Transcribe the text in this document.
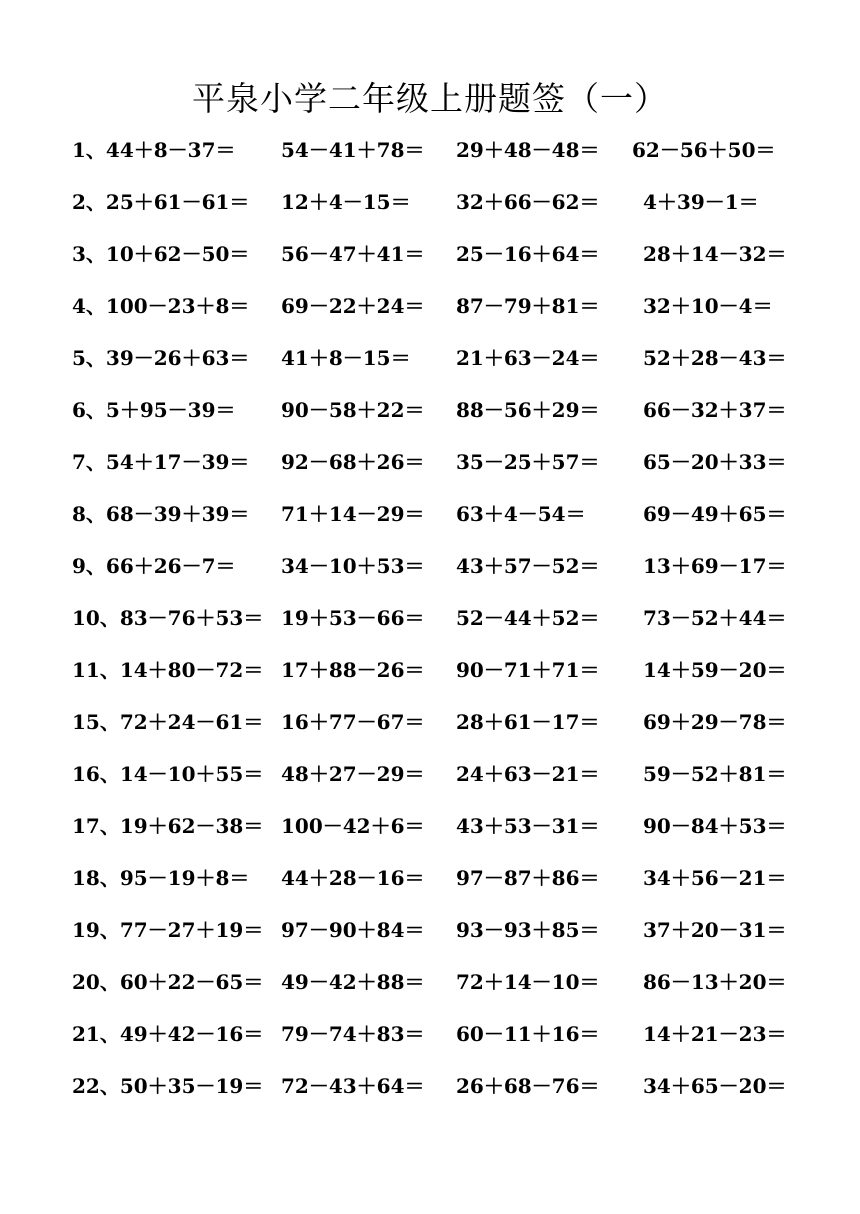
平泉小学二年级上册题签（一）
1、44＋8－37＝ 54－41＋78＝ 29＋48－48＝ 62－56＋50＝
2、25＋61－61＝ 12＋4－15＝ 32＋66－62＝ 4＋39－1＝
3、10＋62－50＝ 56－47＋41＝ 25－16＋64＝ 28＋14－32＝
4、100－23＋8＝ 69－22＋24＝ 87－79＋81＝ 32＋10－4＝
5、39－26＋63＝ 41＋8－15＝ 21＋63－24＝ 52＋28－43＝
6、5＋95－39＝ 90－58＋22＝ 88－56＋29＝ 66－32＋37＝
7、54＋17－39＝ 92－68＋26＝ 35－25＋57＝ 65－20＋33＝
8、68－39＋39＝ 71＋14－29＝ 63＋4－54＝	69－49＋65＝
9、66＋26－7＝ 34－10＋53＝ 43＋57－52＝ 13＋69－17＝
10、83－76＋53＝ 19＋53－66＝ 52－44＋52＝ 73－52＋44＝
11、14＋80－72＝ 17＋88－26＝ 90－71＋71＝ 14＋59－20＝
15、72＋24－61＝ 16＋77－67＝ 28＋61－17＝ 69＋29－78＝
16、14－10＋55＝ 48＋27－29＝ 24＋63－21＝ 59－52＋81＝
17、19＋62－38＝ 100－42＋6＝ 43＋53－31＝ 90－84＋53＝
18、95－19＋8＝ 44＋28－16＝ 97－87＋86＝ 34＋56－21＝
19、77－27＋19＝ 97－90＋84＝ 93－93＋85＝ 37＋20－31＝
20、60＋22－65＝ 49－42＋88＝ 72＋14－10＝ 86－13＋20＝
21、49＋42－16＝ 79－74＋83＝ 60－11＋16＝ 14＋21－23＝
22、50＋35－19＝ 72－43＋64＝ 26＋68－76＝ 34＋65－20＝
